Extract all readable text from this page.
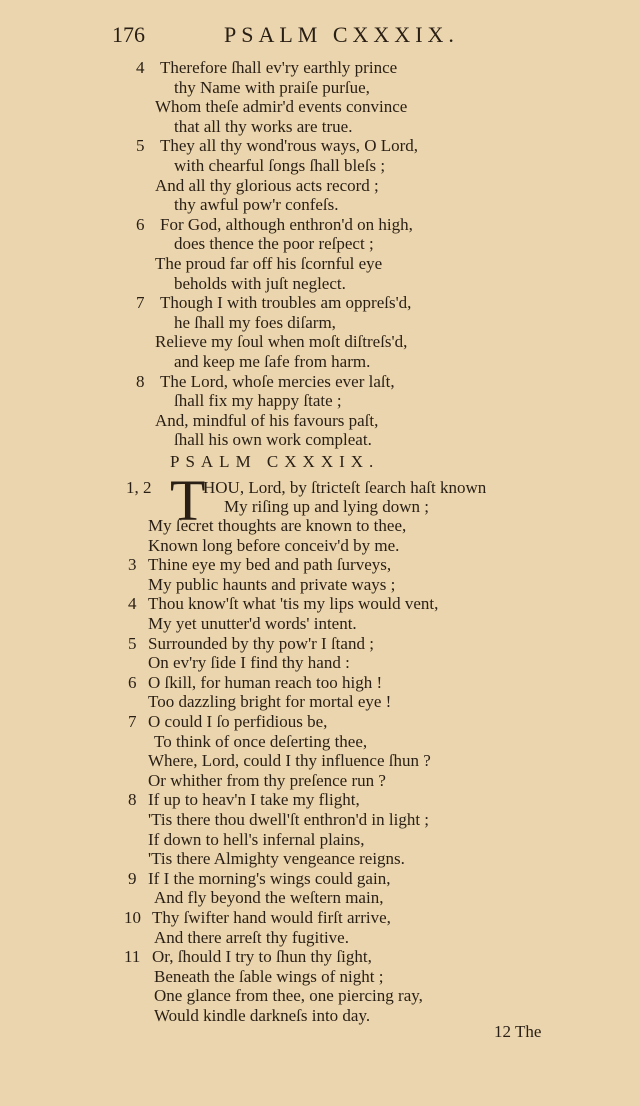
176	PSALM CXXXIX.
4 Therefore ſhall ev'ry earthly prince
thy Name with praiſe purſue,
Whom theſe admir'd events convince
that all thy works are true.
5 They all thy wond'rous ways, O Lord,
with chearful ſongs ſhall bleſs ;
And all thy glorious acts record ;
thy awful pow'r confeſs.
6 For God, although enthron'd on high,
does thence the poor reſpect ;
The proud far off his ſcornful eye
beholds with juſt neglect.
7 Though I with troubles am oppreſs'd,
he ſhall my foes diſarm,
Relieve my ſoul when moſt diſtreſs'd,
and keep me ſafe from harm.
8 The Lord, whoſe mercies ever laſt,
ſhall fix my happy ſtate ;
And, mindful of his favours paſt,
ſhall his own work compleat.
PSALM CXXXIX.
1, 2 T
HOU, Lord, by ſtricteſt ſearch haſt known
My riſing up and lying down ;
My ſecret thoughts are known to thee,
Known long before conceiv'd by me.
3 Thine eye my bed and path ſurveys,
My public haunts and private ways ;
4 Thou know'ſt what 'tis my lips would vent,
My yet unutter'd words' intent.
5 Surrounded by thy pow'r I ſtand ;
On ev'ry ſide I find thy hand :
6 O ſkill, for human reach too high !
Too dazzling bright for mortal eye !
7 O could I ſo perfidious be,
To think of once deſerting thee,
Where, Lord, could I thy influence ſhun ?
Or whither from thy preſence run ?
8 If up to heav'n I take my flight,
'Tis there thou dwell'ſt enthron'd in light ;
If down to hell's infernal plains,
'Tis there Almighty vengeance reigns.
9 If I the morning's wings could gain,
And fly beyond the weſtern main,
10 Thy ſwifter hand would firſt arrive,
And there arreſt thy fugitive.
11 Or, ſhould I try to ſhun thy ſight,
Beneath the ſable wings of night ;
One glance from thee, one piercing ray,
Would kindle darkneſs into day.
12 The
